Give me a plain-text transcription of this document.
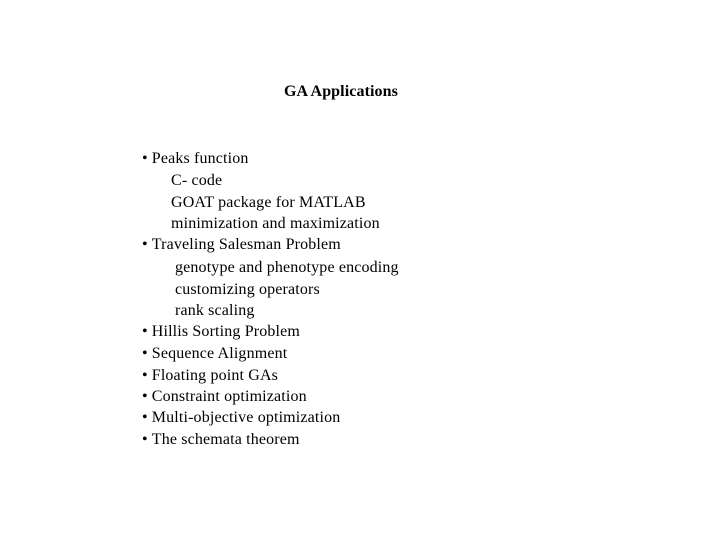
GA Applications
• Peaks function
C- code
GOAT package for MATLAB
minimization and maximization
• Traveling Salesman Problem
genotype and phenotype encoding
customizing operators
rank scaling
• Hillis Sorting Problem
• Sequence Alignment
• Floating point GAs
• Constraint optimization
• Multi-objective optimization
• The schemata theorem
